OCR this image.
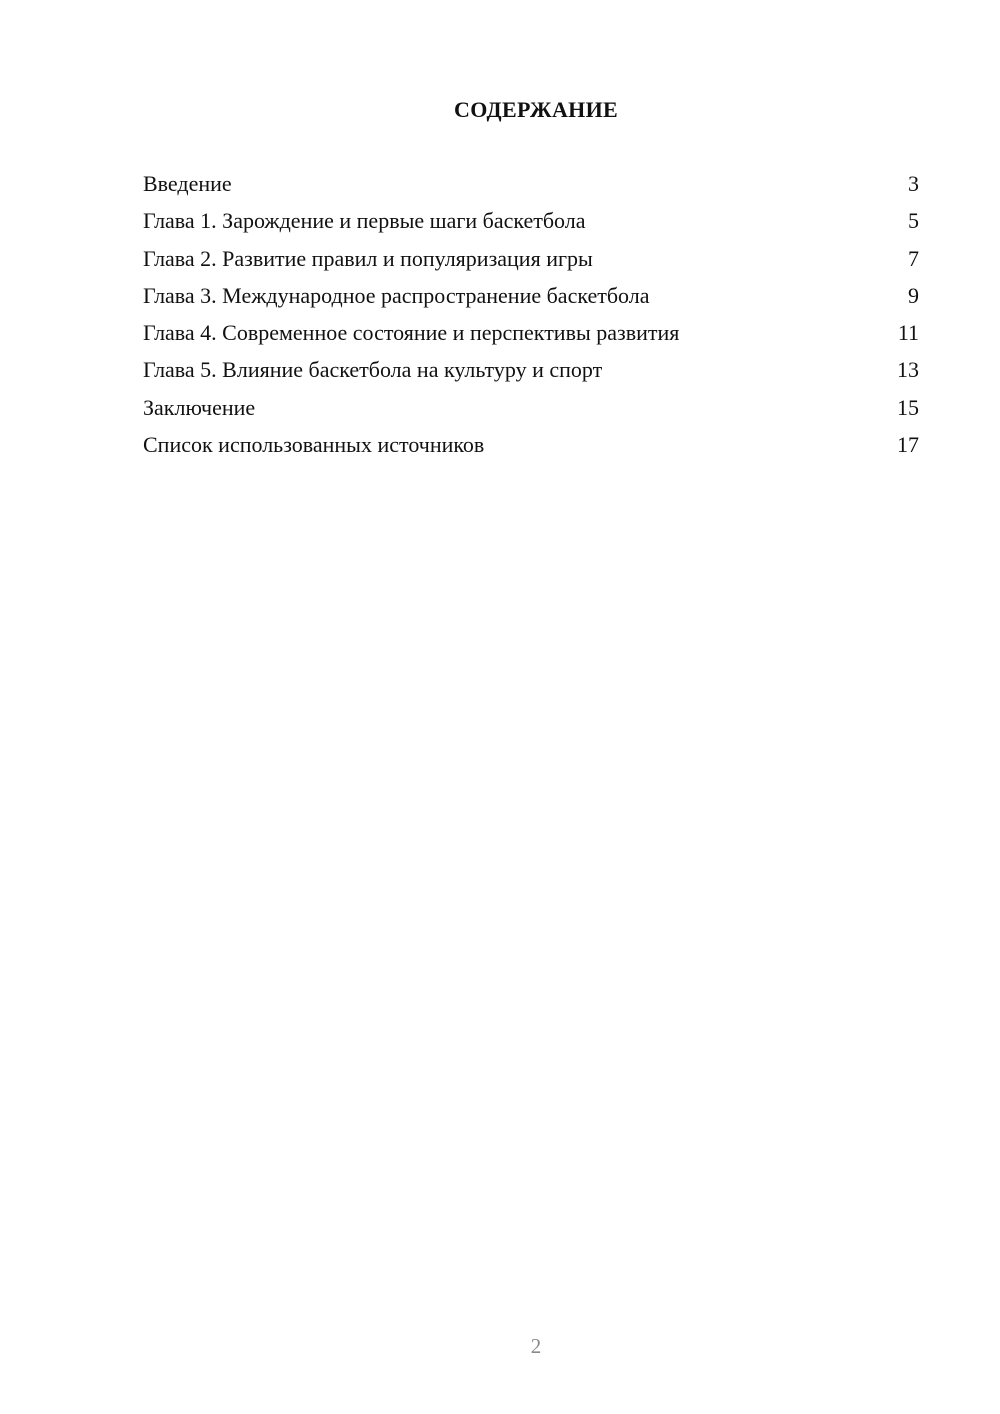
СОДЕРЖАНИЕ
Введение	3
Глава 1. Зарождение и первые шаги баскетбола	5
Глава 2. Развитие правил и популяризация игры	7
Глава 3. Международное распространение баскетбола	9
Глава 4. Современное состояние и перспективы развития	11
Глава 5. Влияние баскетбола на культуру и спорт	13
Заключение	15
Список использованных источников	17
2
